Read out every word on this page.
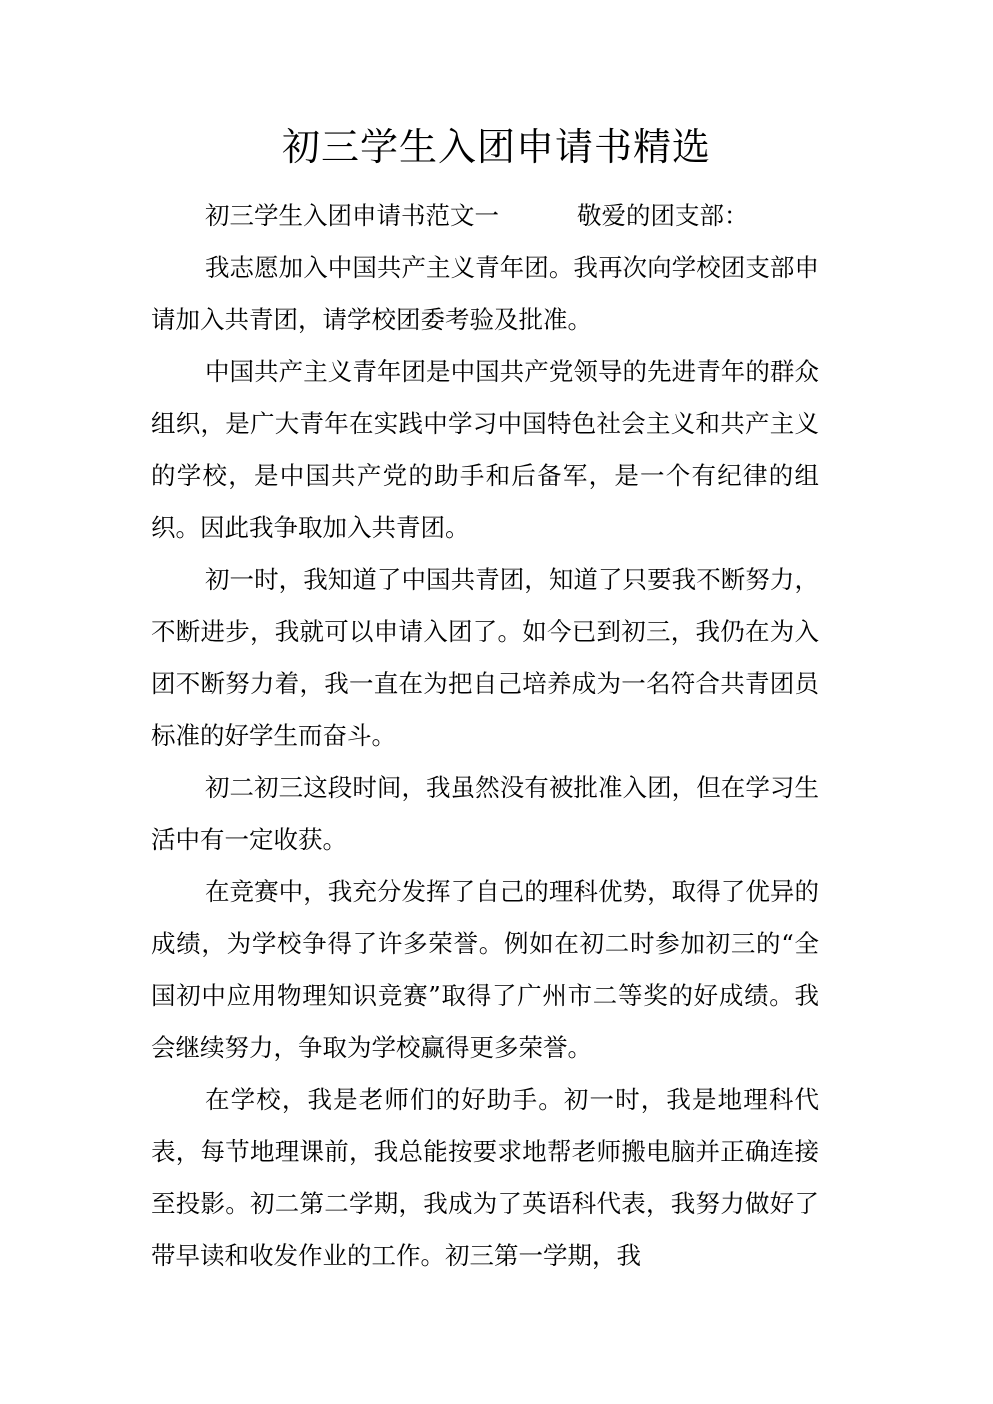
初三学生入团申请书精选

初三学生入团申请书范文一	敬爱的团支部：

我志愿加入中国共产主义青年团。我再次向学校团支部申请加入共青团，请学校团委考验及批准。

中国共产主义青年团是中国共产党领导的先进青年的群众组织，是广大青年在实践中学习中国特色社会主义和共产主义的学校，是中国共产党的助手和后备军，是一个有纪律的组织。因此我争取加入共青团。

初一时，我知道了中国共青团，知道了只要我不断努力，不断进步，我就可以申请入团了。如今已到初三，我仍在为入团不断努力着，我一直在为把自己培养成为一名符合共青团员标准的好学生而奋斗。

初二初三这段时间，我虽然没有被批准入团，但在学习生活中有一定收获。

在竞赛中，我充分发挥了自己的理科优势，取得了优异的成绩，为学校争得了许多荣誉。例如在初二时参加初三的“全国初中应用物理知识竞赛”取得了广州市二等奖的好成绩。我会继续努力，争取为学校赢得更多荣誉。

在学校，我是老师们的好助手。初一时，我是地理科代表，每节地理课前，我总能按要求地帮老师搬电脑并正确连接至投影。初二第二学期，我成为了英语科代表，我努力做好了带早读和收发作业的工作。初三第一学期，我
